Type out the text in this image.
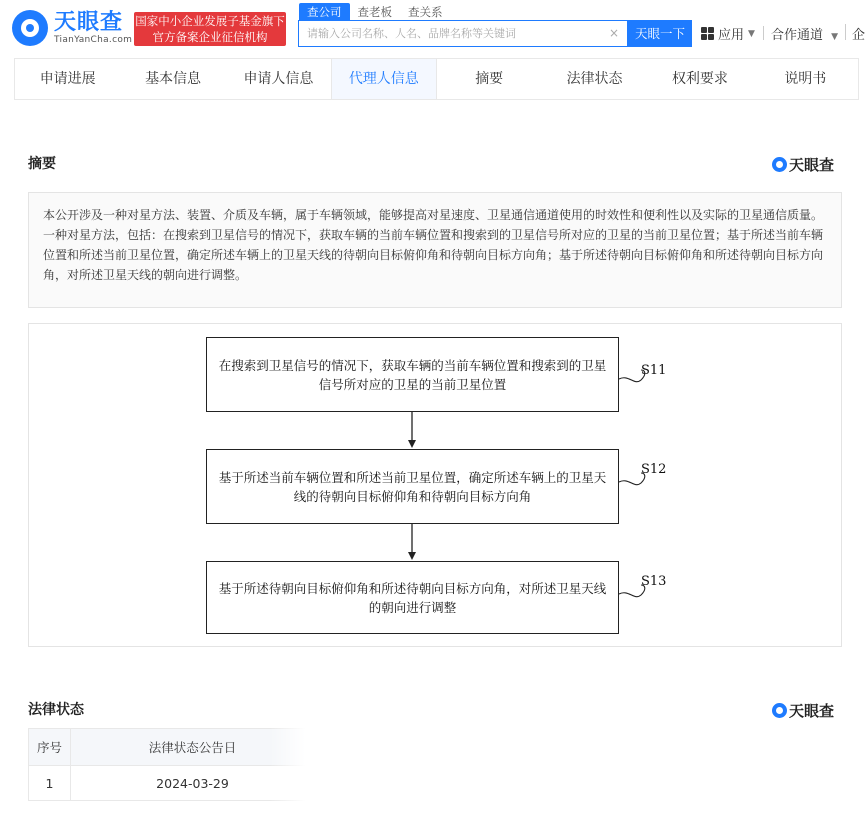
天眼查
TianYanCha.com
国家中小企业发展子基金旗下
官方备案企业征信机构
查公司	查老板	查关系
请输入公司名称、人名、品牌名称等关键词
×	天眼一下	应用 ▼ 合作通道 ▼	企
申请进展	基本信息	申请人信息	代理人信息	摘要	法律状态	权利要求	说明书
摘要	天眼查
本公开涉及一种对星方法、装置、介质及车辆，属于车辆领域，能够提高对星速度、卫星通信通道使用的时效性和便利性以及实际的卫星通信质量。一种对星方法，包括：在搜索到卫星信号的情况下，获取车辆的当前车辆位置和搜索到的卫星信号所对应的卫星的当前卫星位置；基于所述当前车辆位置和所述当前卫星位置，确定所述车辆上的卫星天线的待朝向目标俯仰角和待朝向目标方向角；基于所述待朝向目标俯仰角和所述待朝向目标方向角，对所述卫星天线的朝向进行调整。
在搜索到卫星信号的情况下，获取车辆的当前车辆位置和搜索到的卫星信号所对应的卫星的当前卫星位置
S11
基于所述当前车辆位置和所述当前卫星位置，确定所述车辆上的卫星天线的待朝向目标俯仰角和待朝向目标方向角
S12
基于所述待朝向目标俯仰角和所述待朝向目标方向角，对所述卫星天线的朝向进行调整
S13
法律状态	天眼查
序号	法律状态公告日	
1	2024-03-29	
